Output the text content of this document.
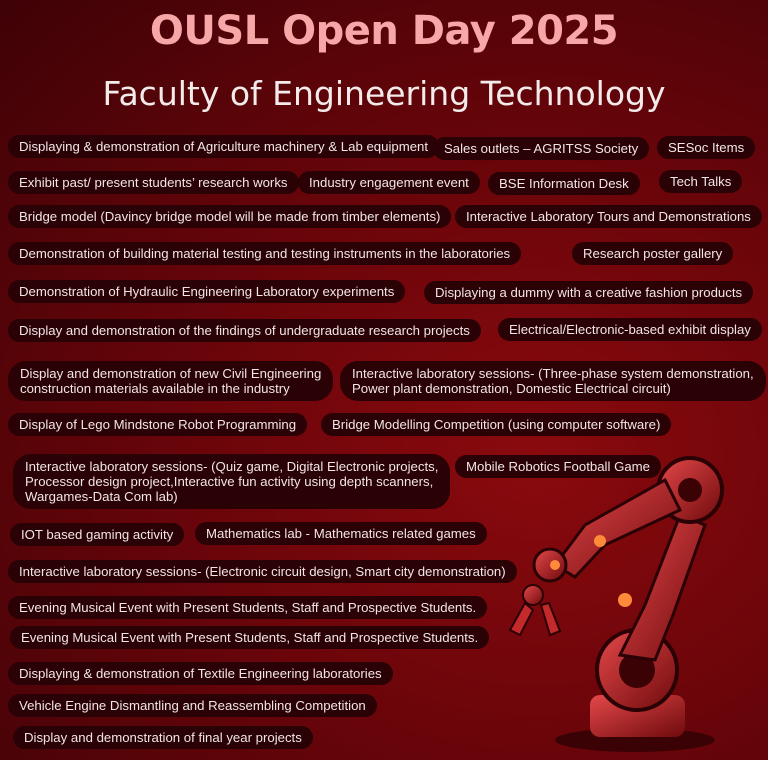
OUSL Open Day 2025
Faculty of Engineering Technology
Displaying & demonstration of Agriculture machinery & Lab equipment	Sales outlets – AGRITSS Society	SESoc Items
Exhibit past/ present students’ research works	Industry engagement event	BSE Information Desk	Tech Talks
Bridge model (Davincy bridge model will be made from timber elements)	Interactive Laboratory Tours and Demonstrations
Demonstration of building material testing and testing instruments in the laboratories	Research poster gallery
Demonstration of Hydraulic Engineering Laboratory experiments	Displaying a dummy with a creative fashion products
Display and demonstration of the findings of undergraduate research projects	Electrical/Electronic-based exhibit display
Display and demonstration of new Civil Engineering
construction materials available in the industry
Interactive laboratory sessions- (Three-phase system demonstration,
Power plant demonstration, Domestic Electrical circuit)
Display of Lego Mindstone Robot Programming	Bridge Modelling Competition (using computer software)
Interactive laboratory sessions- (Quiz game, Digital Electronic projects,
Processor design project,Interactive fun activity using depth scanners,
Wargames-Data Com lab)
Mobile Robotics Football Game
IOT based gaming activity	Mathematics lab - Mathematics related games
Interactive laboratory sessions- (Electronic circuit design, Smart city demonstration)
Evening Musical Event with Present Students, Staff and Prospective Students.
Evening Musical Event with Present Students, Staff and Prospective Students.
Displaying & demonstration of Textile Engineering laboratories
Vehicle Engine Dismantling and Reassembling Competition
Display and demonstration of final year projects
